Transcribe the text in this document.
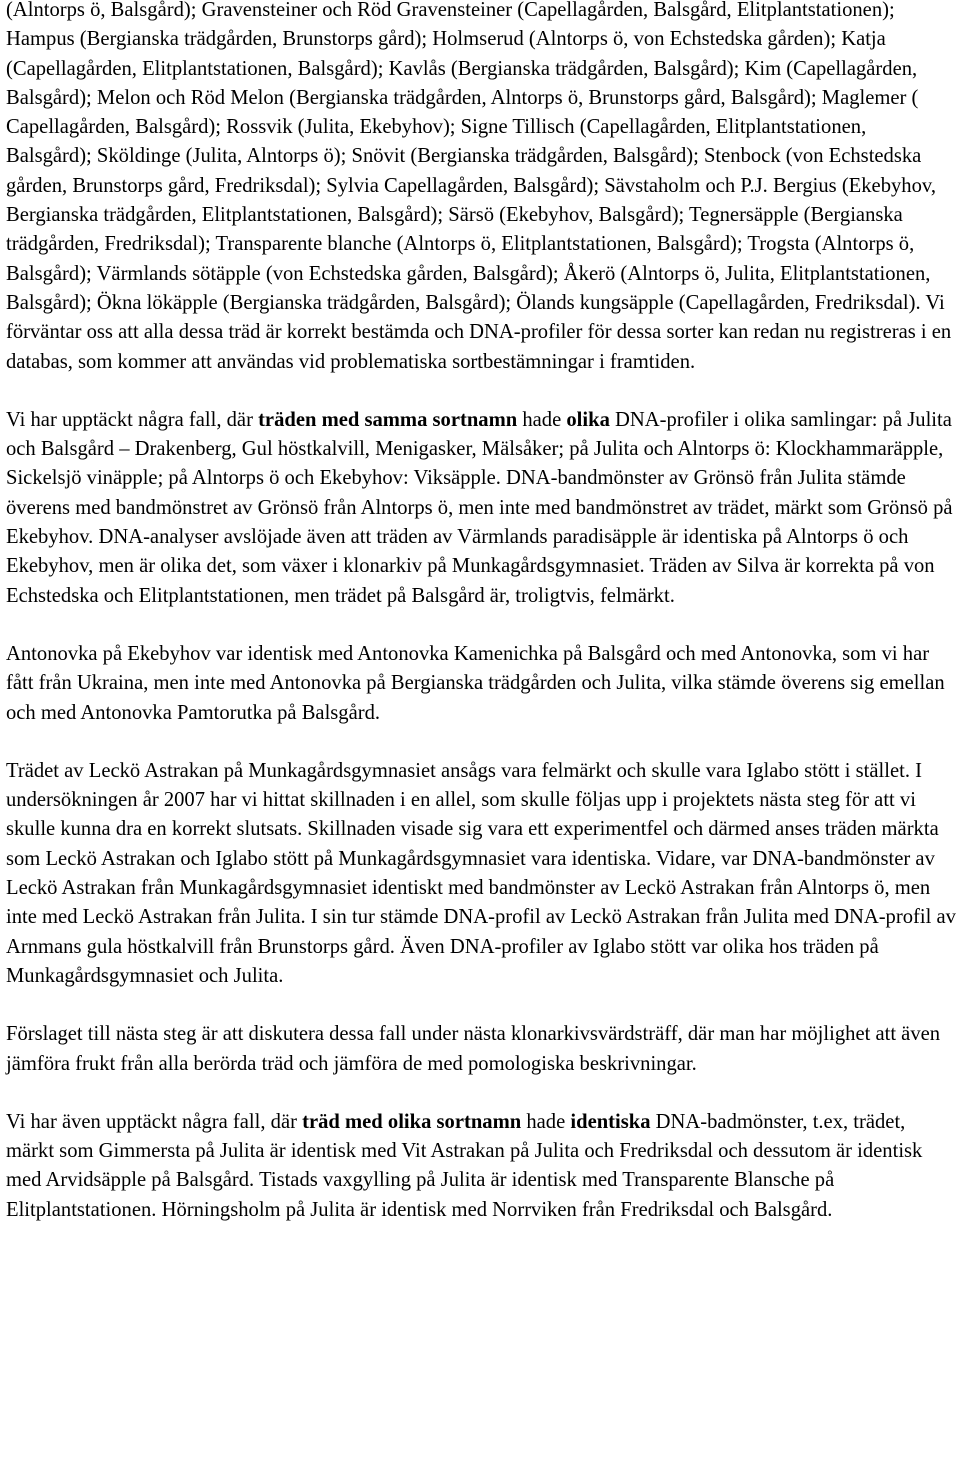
(Alntorps ö, Balsgård); Gravensteiner och Röd Gravensteiner (Capellagården, Balsgård, Elitplantstationen); Hampus (Bergianska trädgården, Brunstorps gård); Holmserud (Alntorps ö, von Echstedska gården); Katja (Capellagården, Elitplantstationen, Balsgård); Kavlås (Bergianska trädgården, Balsgård); Kim (Capellagården, Balsgård); Melon och Röd Melon (Bergianska trädgården, Alntorps ö, Brunstorps gård, Balsgård); Maglemer ( Capellagården, Balsgård); Rossvik (Julita, Ekebyhov); Signe Tillisch (Capellagården, Elitplantstationen, Balsgård); Sköldinge (Julita, Alntorps ö); Snövit (Bergianska trädgården, Balsgård); Stenbock (von Echstedska gården, Brunstorps gård, Fredriksdal); Sylvia Capellagården, Balsgård); Sävstaholm och P.J. Bergius (Ekebyhov, Bergianska trädgården, Elitplantstationen, Balsgård); Särsö (Ekebyhov, Balsgård); Tegnersäpple (Bergianska trädgården, Fredriksdal); Transparente blanche (Alntorps ö, Elitplantstationen, Balsgård); Trogsta (Alntorps ö, Balsgård); Värmlands sötäpple (von Echstedska gården, Balsgård); Åkerö (Alntorps ö, Julita, Elitplantstationen, Balsgård); Ökna lökäpple (Bergianska trädgården, Balsgård); Ölands kungsäpple (Capellagården, Fredriksdal). Vi förväntar oss att alla dessa träd är korrekt bestämda och DNA-profiler för dessa sorter kan redan nu registreras i en databas, som kommer att användas vid problematiska sortbestämningar i framtiden.

Vi har upptäckt några fall, där träden med samma sortnamn hade olika DNA-profiler i olika samlingar: på Julita och Balsgård – Drakenberg, Gul höstkalvill, Menigasker, Mälsåker; på Julita och Alntorps ö: Klockhammaräpple, Sickelsjö vinäpple; på Alntorps ö och Ekebyhov: Viksäpple. DNA-bandmönster av Grönsö från Julita stämde överens med bandmönstret av Grönsö från Alntorps ö, men inte med bandmönstret av trädet, märkt som Grönsö på Ekebyhov. DNA-analyser avslöjade även att träden av Värmlands paradisäpple är identiska på Alntorps ö och Ekebyhov, men är olika det, som växer i klonarkiv på Munkagårdsgymnasiet. Träden av Silva är korrekta på von Echstedska och Elitplantstationen, men trädet på Balsgård är, troligtvis, felmärkt.

Antonovka på Ekebyhov var identisk med Antonovka Kamenichka på Balsgård och med Antonovka, som vi har fått från Ukraina, men inte med Antonovka på Bergianska trädgården och Julita, vilka stämde överens sig emellan och med Antonovka Pamtorutka på Balsgård.

Trädet av Leckö Astrakan på Munkagårdsgymnasiet ansågs vara felmärkt och skulle vara Iglabo stött i stället. I undersökningen år 2007 har vi hittat skillnaden i en allel, som skulle följas upp i projektets nästa steg för att vi skulle kunna dra en korrekt slutsats. Skillnaden visade sig vara ett experimentfel och därmed anses träden märkta som Leckö Astrakan och Iglabo stött på Munkagårdsgymnasiet vara identiska. Vidare, var DNA-bandmönster av Leckö Astrakan från Munkagårdsgymnasiet identiskt med bandmönster av Leckö Astrakan från Alntorps ö, men inte med Leckö Astrakan från Julita. I sin tur stämde DNA-profil av Leckö Astrakan från Julita med DNA-profil av Arnmans gula höstkalvill från Brunstorps gård. Även DNA-profiler av Iglabo stött var olika hos träden på Munkagårdsgymnasiet och Julita.

Förslaget till nästa steg är att diskutera dessa fall under nästa klonarkivsvärdsträff, där man har möjlighet att även jämföra frukt från alla berörda träd och jämföra de med pomologiska beskrivningar.

Vi har även upptäckt några fall, där träd med olika sortnamn hade identiska DNA-badmönster, t.ex, trädet, märkt som Gimmersta på Julita är identisk med Vit Astrakan på Julita och Fredriksdal och dessutom är identisk med Arvidsäpple på Balsgård. Tistads vaxgylling på Julita är identisk med Transparente Blansche på Elitplantstationen. Hörningsholm på Julita är identisk med Norrviken från Fredriksdal och Balsgård.
